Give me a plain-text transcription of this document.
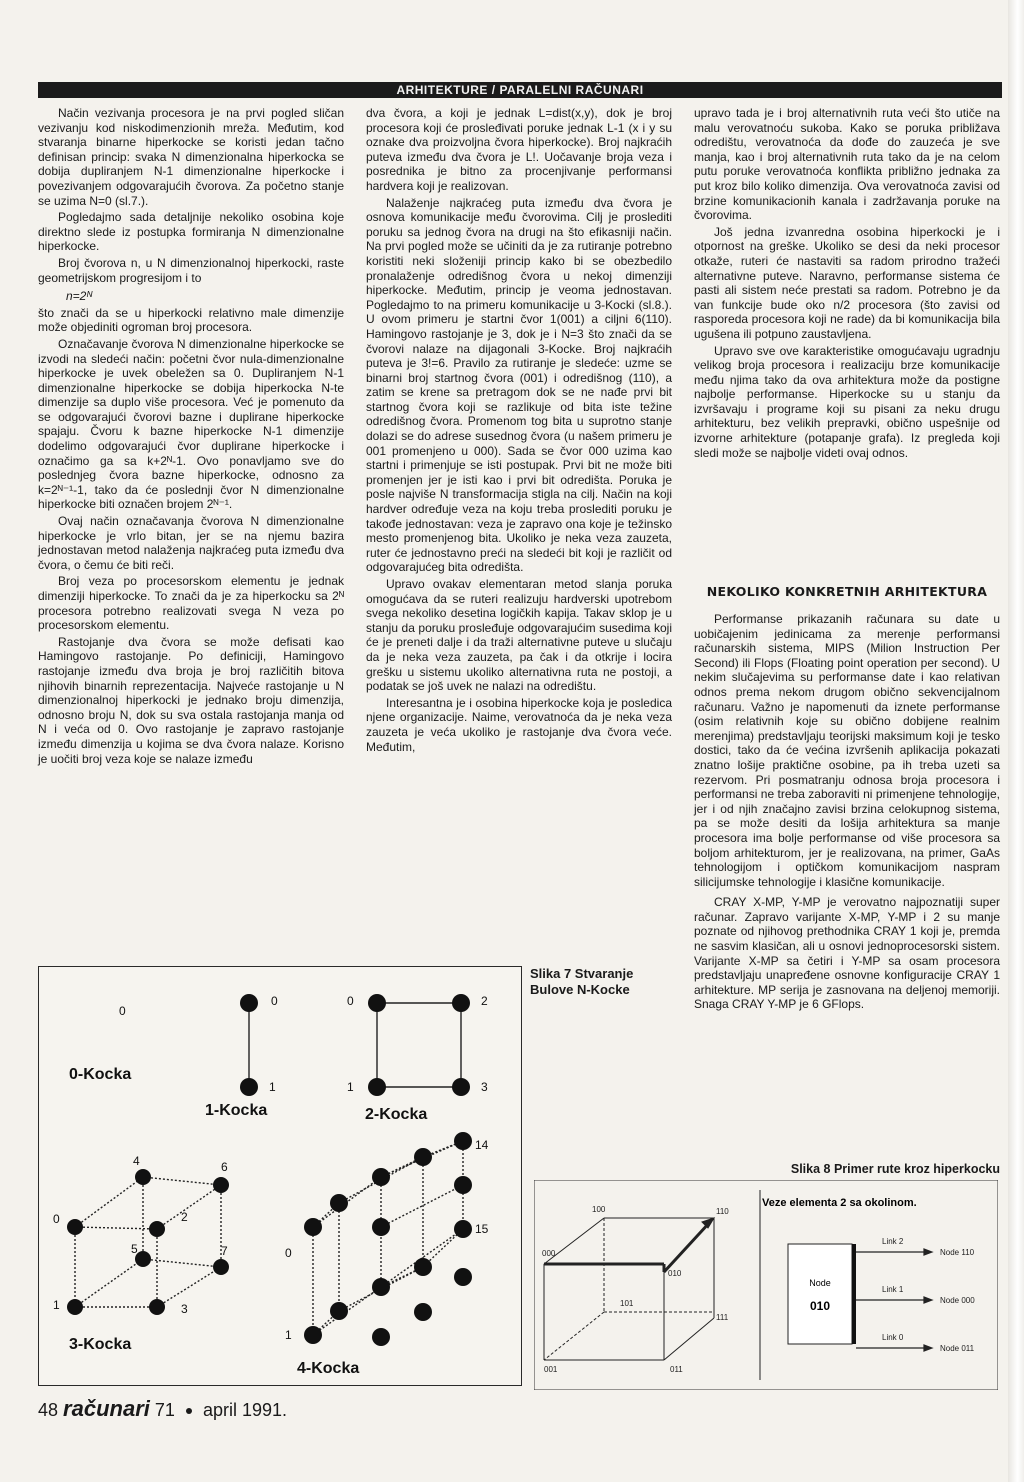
ARHITEKTURE / PARALELNI RAČUNARI

Način vezivanja procesora je na prvi pogled sličan vezivanju kod niskodimenzionih mreža. Međutim, kod stvaranja binarne hiperkocke se koristi jedan tačno definisan princip: svaka N dimenzionalna hiperkocka se dobija dupliranjem N-1 dimenzionalne hiperkocke i povezivanjem odgovarajućih čvorova. Za početno stanje se uzima N=0 (sl.7.).

Pogledajmo sada detaljnije nekoliko osobina koje direktno slede iz postupka formiranja N dimenzionalne hiperkocke.

Broj čvorova n, u N dimenzionalnoj hiperkocki, raste geometrijskom progresijom i to

n=2ᴺ

što znači da se u hiperkocki relativno male dimenzije može objediniti ogroman broj procesora.

Označavanje čvorova N dimenzionalne hiperkocke se izvodi na sledeći način: početni čvor nula-dimenzionalne hiperkocke je uvek obeležen sa 0. Dupliranjem N-1 dimenzionalne hiperkocke se dobija hiperkocka N-te dimenzije sa duplo više procesora. Već je pomenuto da se odgovarajući čvorovi bazne i duplirane hiperkocke spajaju. Čvoru k bazne hiperkocke N-1 dimenzije dodelimo odgovarajući čvor duplirane hiperkocke i označimo ga sa k+2ᴺ-1. Ovo ponavljamo sve do poslednjeg čvora bazne hiperkocke, odnosno za k=2ᴺ⁻¹-1, tako da će poslednji čvor N dimenzionalne hiperkocke biti označen brojem 2ᴺ⁻¹.

Ovaj način označavanja čvorova N dimenzionalne hiperkocke je vrlo bitan, jer se na njemu bazira jednostavan metod nalaženja najkraćeg puta između dva čvora, o čemu će biti reči.

Broj veza po procesorskom elementu je jednak dimenziji hiperkocke. To znači da je za hiperkocku sa 2ᴺ procesora potrebno realizovati svega N veza po procesorskom elementu.

Rastojanje dva čvora se može defisati kao Hamingovo rastojanje. Po definiciji, Hamingovo rastojanje između dva broja je broj različitih bitova njihovih binarnih reprezentacija. Najveće rastojanje u N dimenzionalnoj hiperkocki je jednako broju dimenzija, odnosno broju N, dok su sva ostala rastojanja manja od N i veća od 0. Ovo rastojanje je zapravo rastojanje između dimenzija u kojima se dva čvora nalaze. Korisno je uočiti broj veza koje se nalaze između

dva čvora, a koji je jednak L=dist(x,y), dok je broj procesora koji će prosleđivati poruke jednak L-1 (x i y su oznake dva proizvoljna čvora hiperkocke). Broj najkraćih puteva između dva čvora je L!. Uočavanje broja veza i posrednika je bitno za procenjivanje performansi hardvera koji je realizovan.

Nalaženje najkraćeg puta između dva čvora je osnova komunikacije među čvorovima. Cilj je proslediti poruku sa jednog čvora na drugi na što efikasniji način. Na prvi pogled može se učiniti da je za rutiranje potrebno koristiti neki složeniji princip kako bi se obezbedilo pronalaženje odredišnog čvora u nekoj dimenziji hiperkocke. Međutim, princip je veoma jednostavan. Pogledajmo to na primeru komunikacije u 3-Kocki (sl.8.). U ovom primeru je startni čvor 1(001) a ciljni 6(110). Hamingovo rastojanje je 3, dok je i N=3 što znači da se čvorovi nalaze na dijagonali 3-Kocke. Broj najkraćih puteva je 3!=6. Pravilo za rutiranje je sledeće: uzme se binarni broj startnog čvora (001) i odredišnog (110), a zatim se krene sa pretragom dok se ne nađe prvi bit startnog čvora koji se razlikuje od bita iste težine odredišnog čvora. Promenom tog bita u suprotno stanje dolazi se do adrese susednog čvora (u našem primeru je 001 promenjeno u 000). Sada se čvor 000 uzima kao startni i primenjuje se isti postupak. Prvi bit ne može biti promenjen jer je isti kao i prvi bit odredišta. Poruka je posle najviše N transformacija stigla na cilj. Način na koji hardver određuje veza na koju treba proslediti poruku je takođe jednostavan: veza je zapravo ona koje je težinsko mesto promenjenog bita. Ukoliko je neka veza zauzeta, ruter će jednostavno preći na sledeći bit koji je različit od odgovarajućeg bita odredišta.

Upravo ovakav elementaran metod slanja poruka omogućava da se ruteri realizuju hardverski upotrebom svega nekoliko desetina logičkih kapija. Takav sklop je u stanju da poruku prosleđuje odgovarajućim susedima koji će je preneti dalje i da traži alternativne puteve u slučaju da je neka veza zauzeta, pa čak i da otkrije i locira grešku u sistemu ukoliko alternativna ruta ne postoji, a podatak se još uvek ne nalazi na odredištu.

Interesantna je i osobina hiperkocke koja je posledica njene organizacije. Naime, verovatnoća da je neka veza zauzeta je veća ukoliko je rastojanje dva čvora veće. Međutim,

upravo tada je i broj alternativnih ruta veći što utiče na malu verovatnoću sukoba. Kako se poruka približava odredištu, verovatnoća da dođe do zauzeća je sve manja, kao i broj alternativnih ruta tako da je na celom putu poruke verovatnoća konflikta približno jednaka za put kroz bilo koliko dimenzija. Ova verovatnoća zavisi od brzine komunikacionih kanala i zadržavanja poruke na čvorovima.

Još jedna izvanredna osobina hiperkocki je i otpornost na greške. Ukoliko se desi da neki procesor otkaže, ruteri će nastaviti sa radom prirodno tražeći alternativne puteve. Naravno, performanse sistema će pasti ali sistem neće prestati sa radom. Potrebno je da van funkcije bude oko n/2 procesora (što zavisi od rasporeda procesora koji ne rade) da bi komunikacija bila ugušena ili potpuno zaustavljena.

Upravo sve ove karakteristike omogućavaju ugradnju velikog broja procesora i realizaciju brze komunikacije među njima tako da ova arhitektura može da postigne najbolje performanse. Hiperkocke su u stanju da izvršavaju i programe koji su pisani za neku drugu arhitekturu, bez velikih prepravki, obično uspešnije od izvorne arhitekture (potapanje grafa). Iz pregleda koji sledi može se najbolje videti ovaj odnos.

NEKOLIKO KONKRETNIH ARHITEKTURA

Performanse prikazanih računara su date u uobičajenim jedinicama za merenje performansi računarskih sistema, MIPS (Milion Instruction Per Second) ili Flops (Floating point operation per second). U nekim slučajevima su performanse date i kao relativan odnos prema nekom drugom obično sekvencijalnom računaru. Važno je napomenuti da iznete performanse (osim relativnih koje su obično dobijene realnim merenjima) predstavljaju teorijski maksimum koji je tesko dostici, tako da će većina izvršenih aplikacija pokazati znatno lošije praktične osobine, pa ih treba uzeti sa rezervom. Pri posmatranju odnosa broja procesora i performansi ne treba zaboraviti ni primenjene tehnologije, jer i od njih značajno zavisi brzina celokupnog sistema, pa se može desiti da lošija arhitektura sa manje procesora ima bolje performanse od više procesora sa boljom arhitekturom, jer je realizovana, na primer, GaAs tehnologijom i optičkom komunikacijom naspram silicijumske tehnologije i klasične komunikacije.

CRAY X-MP, Y-MP je verovatno najpoznatiji super računar. Zapravo varijante X-MP, Y-MP i 2 su manje poznate od njihovog prethodnika CRAY 1 koji je, premda ne sasvim klasičan, ali u osnovi jednoprocesorski sistem. Varijante X-MP sa četiri i Y-MP sa osam procesora predstavljaju unapređene osnovne konfiguracije CRAY 1 arhitekture. MP serija je zasnovana na deljenoj memoriji. Snaga CRAY Y-MP je 6 GFlops.

0
0
1
0	2
1	3
0
4	6
2
5	7
1	3
0
14
15
1
0-Kocka
1-Kocka	2-Kocka
3-Kocka
4-Kocka
Slika 7 Stvaranje Bulove N-Kocke
Slika 8 Primer rute kroz hiperkocku
100	110
000
010
101
111
001	011
Veze elementa 2 sa okolinom.
Node
010
Link 2
Link 1
Link 0
Node 110
Node 000
Node 011
48 računari 71 april 1991.
